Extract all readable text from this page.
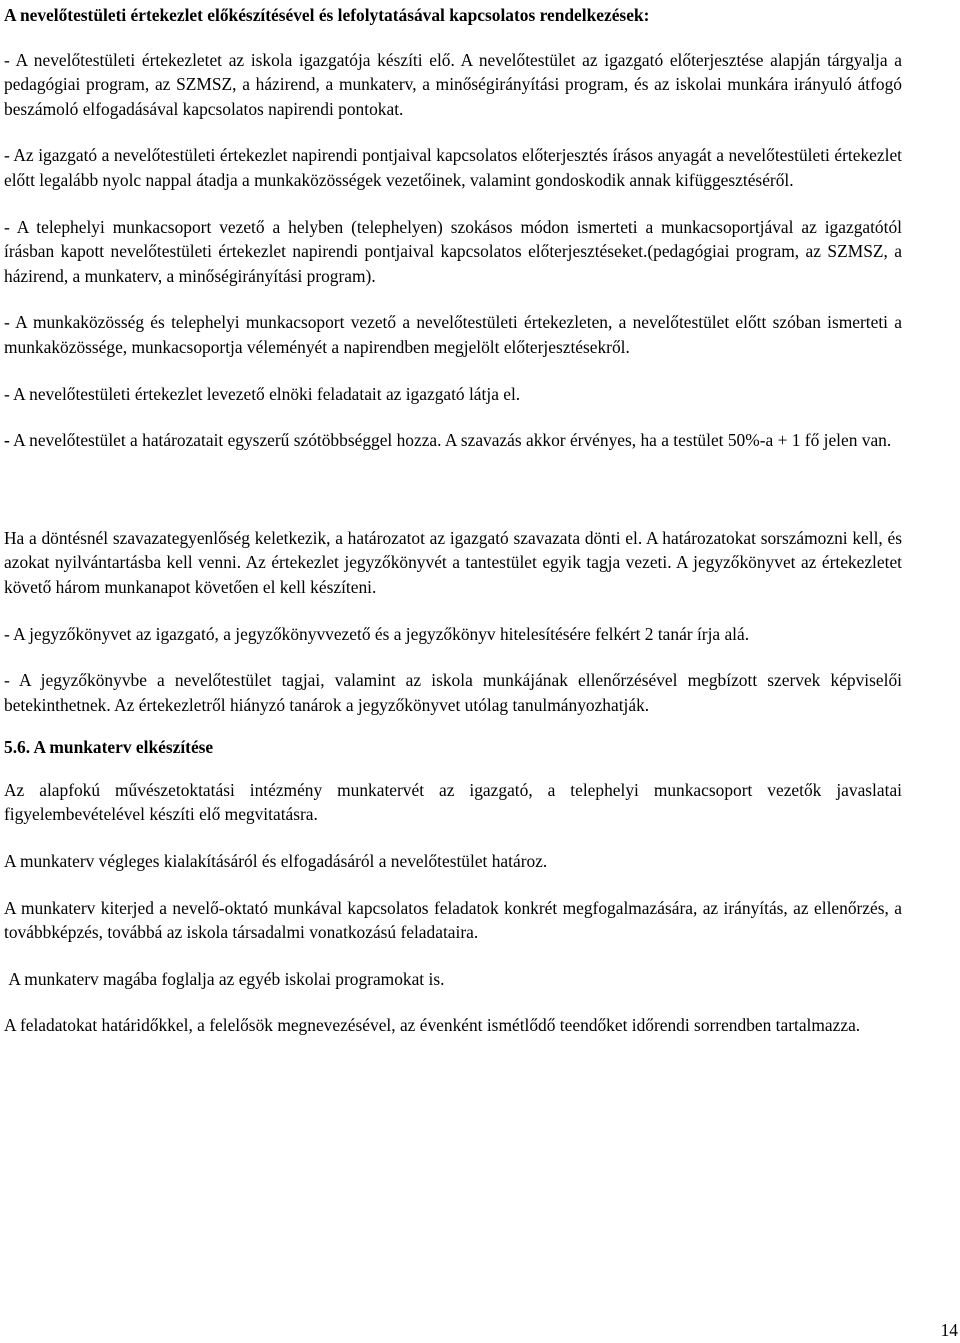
A nevelőtestületi értekezlet előkészítésével és lefolytatásával kapcsolatos rendelkezések:

- A nevelőtestületi értekezletet az iskola igazgatója készíti elő. A nevelőtestület az igazgató előterjesztése alapján tárgyalja a pedagógiai program, az SZMSZ, a házirend, a munkaterv, a minőségirányítási program, és az iskolai munkára irányuló átfogó beszámoló elfogadásával kapcsolatos napirendi pontokat.

- Az igazgató a nevelőtestületi értekezlet napirendi pontjaival kapcsolatos előterjesztés írásos anyagát a nevelőtestületi értekezlet előtt legalább nyolc nappal átadja a munkaközösségek vezetőinek, valamint gondoskodik annak kifüggesztéséről.

- A telephelyi munkacsoport vezető a helyben (telephelyen) szokásos módon ismerteti a munkacsoportjával az igazgatótól írásban kapott nevelőtestületi értekezlet napirendi pontjaival kapcsolatos előterjesztéseket.(pedagógiai program, az SZMSZ, a házirend, a munkaterv, a minőségirányítási program).

- A munkaközösség és telephelyi munkacsoport vezető a nevelőtestületi értekezleten, a nevelőtestület előtt szóban ismerteti a munkaközössége, munkacsoportja véleményét a napirendben megjelölt előterjesztésekről.

- A nevelőtestületi értekezlet levezető elnöki feladatait az igazgató látja el.

- A nevelőtestület a határozatait egyszerű szótöbbséggel hozza. A szavazás akkor érvényes, ha a testület 50%-a + 1 fő jelen van.

Ha a döntésnél szavazategyenlőség keletkezik, a határozatot az igazgató szavazata dönti el. A határozatokat sorszámozni kell, és azokat nyilvántartásba kell venni. Az értekezlet jegyzőkönyvét a tantestület egyik tagja vezeti. A jegyzőkönyvet az értekezletet követő három munkanapot követően el kell készíteni.

- A jegyzőkönyvet az igazgató, a jegyzőkönyvvezető és a jegyzőkönyv hitelesítésére felkért 2 tanár írja alá.

- A jegyzőkönyvbe a nevelőtestület tagjai, valamint az iskola munkájának ellenőrzésével megbízott szervek képviselői betekinthetnek. Az értekezletről hiányzó tanárok a jegyzőkönyvet utólag tanulmányozhatják.

5.6. A munkaterv elkészítése

Az alapfokú művészetoktatási intézmény munkatervét az igazgató, a telephelyi munkacsoport vezetők javaslatai figyelembevételével készíti elő megvitatásra.

A munkaterv végleges kialakításáról és elfogadásáról a nevelőtestület határoz.

A munkaterv kiterjed a nevelő-oktató munkával kapcsolatos feladatok konkrét megfogalmazására, az irányítás, az ellenőrzés, a továbbképzés, továbbá az iskola társadalmi vonatkozású feladataira.

A munkaterv magába foglalja az egyéb iskolai programokat is.

A feladatokat határidőkkel, a felelősök megnevezésével, az évenként ismétlődő teendőket időrendi sorrendben tartalmazza.

14
